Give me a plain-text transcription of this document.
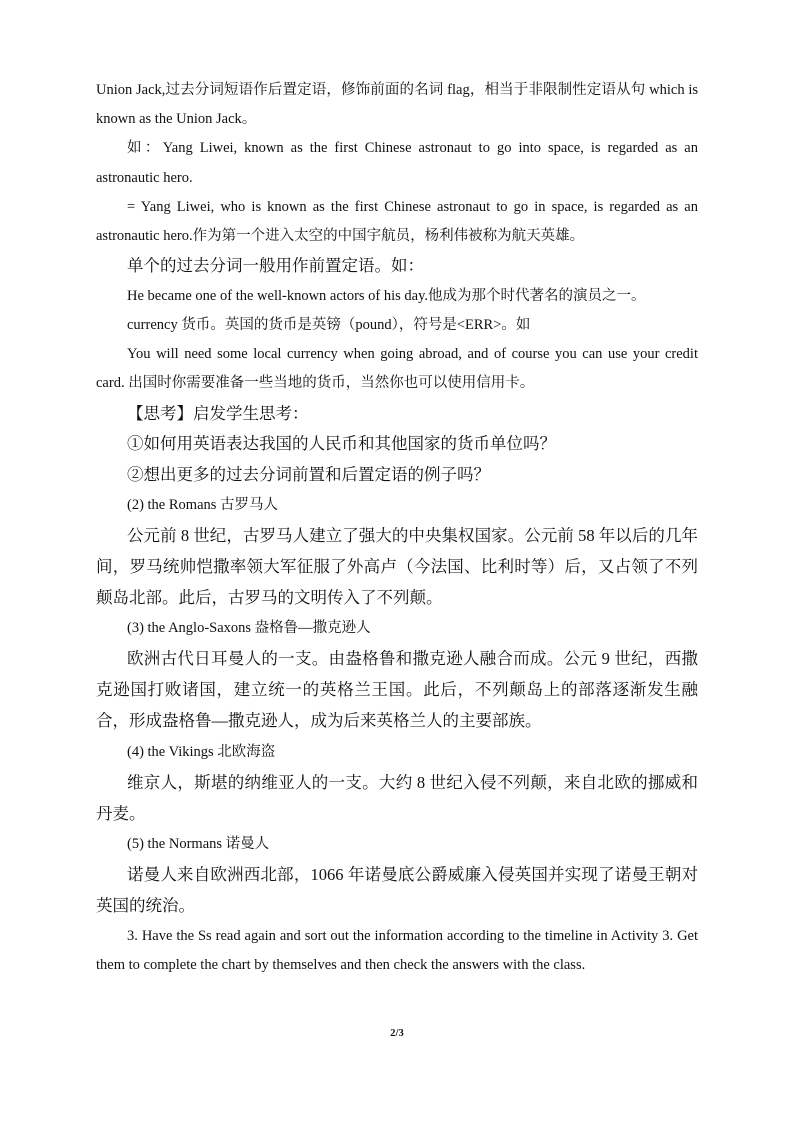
Union Jack,过去分词短语作后置定语，修饰前面的名词 flag，相当于非限制性定语从句 which is known as the Union Jack。

如：Yang Liwei, known as the first Chinese astronaut to go into space, is regarded as an astronautic hero.

= Yang Liwei, who is known as the first Chinese astronaut to go in space, is regarded as an astronautic hero.作为第一个进入太空的中国宇航员，杨利伟被称为航天英雄。

单个的过去分词一般用作前置定语。如：

He became one of the well-known actors of his day.他成为那个时代著名的演员之一。

currency 货币。英国的货币是英镑（pound），符号是<ERR>。如

You will need some local currency when going abroad, and of course you can use your credit card. 出国时你需要准备一些当地的货币，当然你也可以使用信用卡。

【思考】启发学生思考：

①如何用英语表达我国的人民币和其他国家的货币单位吗？

②想出更多的过去分词前置和后置定语的例子吗？

(2) the Romans 古罗马人

公元前 8 世纪，古罗马人建立了强大的中央集权国家。公元前 58 年以后的几年间，罗马统帅恺撒率领大军征服了外高卢（今法国、比利时等）后，又占领了不列颠岛北部。此后，古罗马的文明传入了不列颠。

(3) the Anglo-Saxons 盎格鲁—撒克逊人

欧洲古代日耳曼人的一支。由盎格鲁和撒克逊人融合而成。公元 9 世纪，西撒克逊国打败诸国，建立统一的英格兰王国。此后，不列颠岛上的部落逐渐发生融合，形成盎格鲁—撒克逊人，成为后来英格兰人的主要部族。

(4) the Vikings 北欧海盗

维京人，斯堪的纳维亚人的一支。大约 8 世纪入侵不列颠，来自北欧的挪威和丹麦。

(5) the Normans 诺曼人

诺曼人来自欧洲西北部，1066 年诺曼底公爵威廉入侵英国并实现了诺曼王朝对英国的统治。

3. Have the Ss read again and sort out the information according to the timeline in Activity 3. Get them to complete the chart by themselves and then check the answers with the class.

2/3
